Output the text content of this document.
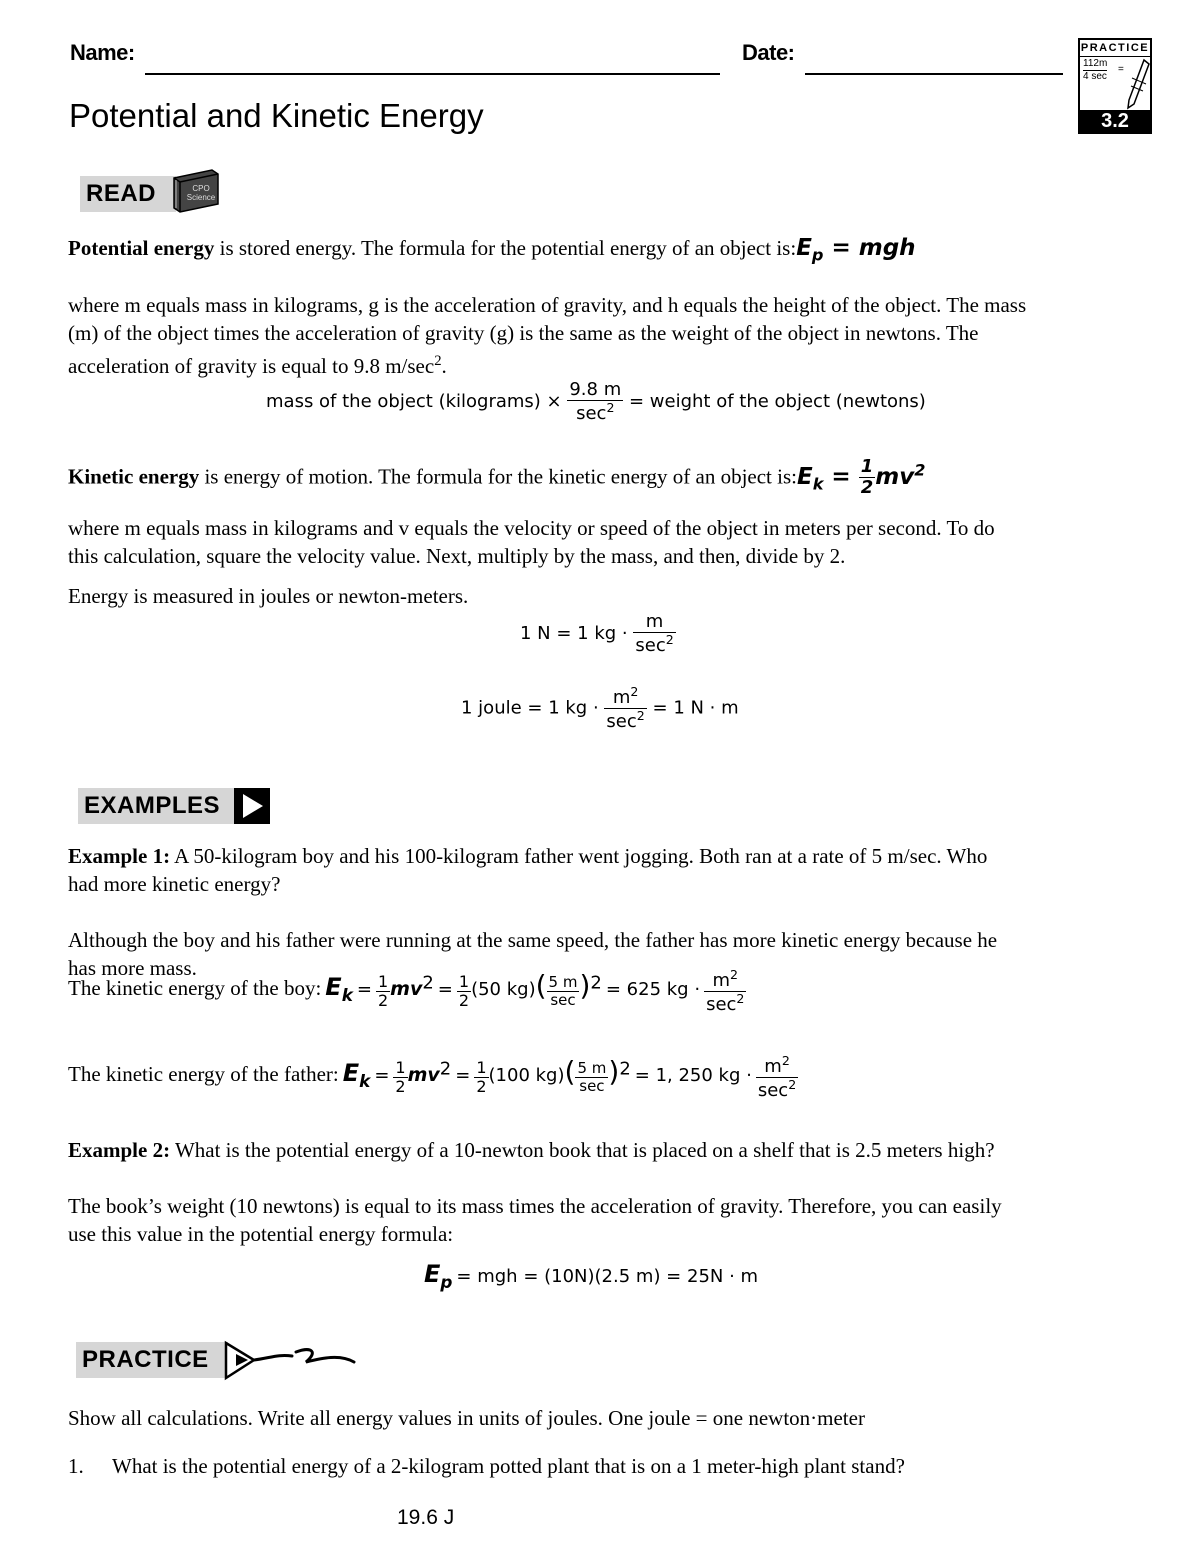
Name:	Date:
Potential and Kinetic Energy
PRACTICE
112m
4 sec
=
3.2
READ	CPO Science
Potential energy is stored energy. The formula for the potential energy of an object $is:E_p$ = mgh
where m equals mass in kilograms, g is the acceleration of gravity, and h equals the height of the object. The mass
(m) of the object times the acceleration of gravity (g) is the same as the weight of the object in newtons. The
acceleration of gravity is equal to 9.8 $m/\sec^2$.
mass of the object (kilograms) × $\frac{9.8 m}{\sec^2}$ = weight of the object (newtons)
Kinetic energy is energy of motion. The formula for the kinetic energy of an object $is:E_k = \frac{1}{2} mv^2$
where m equals mass in kilograms and v equals the velocity or speed of the object in meters per second. To do
this calculation, square the velocity value. Next, multiply by the mass, and then, divide by 2.
Energy is measured in joules or newton-meters.
1 N = 1 kg · $\frac{m}{\sec^2}$
1 joule = 1 kg · $\frac{m^2}{\sec^2} = 1$ N · m
EXAMPLES
Example 1: A 50-kilogram boy and his 100-kilogram father went jogging. Both ran at a rate of 5 m/sec. Who
had more kinetic energy?
Although the boy and his father were running at the same speed, the father has more kinetic energy because he
has more mass.
The kinetic energy of the boy: $E_k = \frac{1}{2} mv^2 = \frac{1}{2} (50$ $kg)( \frac{5 m}{\sec} )^2 = 625$ kg ⋅ $\frac{m^2}{\sec^2}$
The kinetic energy of the father: $E_k = \frac{1}{2} mv^2 = \frac{1}{2} (100$ $kg)( \frac{5 m}{\sec} )^2 = 1$, 250 kg ⋅ $\frac{m^2}{\sec^2}$
Example 2: What is the potential energy of a 10-newton book that is placed on a shelf that is 2.5 meters high?
The book’s weight (10 newtons) is equal to its mass times the acceleration of gravity. Therefore, you can easily
use this value in the potential energy formula:
$E_p$ = mgh = (10N)(2.5 m) = 25N · m
PRACTICE
Show all calculations. Write all energy values in units of joules. One joule = one newton·meter
1. What is the potential energy of a 2-kilogram potted plant that is on a 1 meter-high plant stand?
19.6 J
